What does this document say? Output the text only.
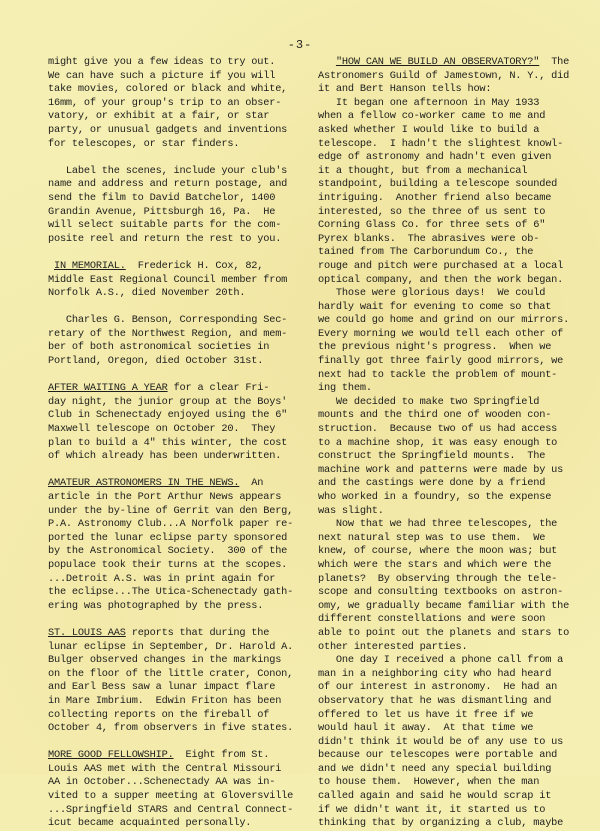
-3-
might give you a few ideas to try out.
We can have such a picture if you will
take movies, colored or black and white,
16mm, of your group's trip to an obser-
vatory, or exhibit at a fair, or star
party, or unusual gadgets and inventions
for telescopes, or star finders.
Label the scenes, include your club's
name and address and return postage, and
send the film to David Batchelor, 1400
Grandin Avenue, Pittsburgh 16, Pa.  He
will select suitable parts for the com-
posite reel and return the rest to you.
IN MEMORIAL.  Frederick H. Cox, 82,
Middle East Regional Council member from
Norfolk A.S., died November 20th.
Charles G. Benson, Corresponding Sec-
retary of the Northwest Region, and mem-
ber of both astronomical societies in
Portland, Oregon, died October 31st.
AFTER WAITING A YEAR for a clear Fri-
day night, the junior group at the Boys'
Club in Schenectady enjoyed using the 6"
Maxwell telescope on October 20.  They
plan to build a 4" this winter, the cost
of which already has been underwritten.
AMATEUR ASTRONOMERS IN THE NEWS.  An
article in the Port Arthur News appears
under the by-line of Gerrit van den Berg,
P.A. Astronomy Club...A Norfolk paper re-
ported the lunar eclipse party sponsored
by the Astronomical Society.  300 of the
populace took their turns at the scopes.
...Detroit A.S. was in print again for
the eclipse...The Utica-Schenectady gath-
ering was photographed by the press.
ST. LOUIS AAS reports that during the
lunar eclipse in September, Dr. Harold A.
Bulger observed changes in the markings
on the floor of the little crater, Conon,
and Earl Bess saw a lunar impact flare
in Mare Imbrium.  Edwin Friton has been
collecting reports on the fireball of
October 4, from observers in five states.
MORE GOOD FELLOWSHIP.  Eight from St.
Louis AAS met with the Central Missouri
AA in October...Schenectady AA was in-
vited to a supper meeting at Gloversville
...Springfield STARS and Central Connect-
icut became acquainted personally.
"HOW CAN WE BUILD AN OBSERVATORY?"  The
Astronomers Guild of Jamestown, N. Y., did
it and Bert Hanson tells how:
It began one afternoon in May 1933
when a fellow co-worker came to me and
asked whether I would like to build a
telescope.  I hadn't the slightest knowl-
edge of astronomy and hadn't even given
it a thought, but from a mechanical
standpoint, building a telescope sounded
intriguing.  Another friend also became
interested, so the three of us sent to
Corning Glass Co. for three sets of 6"
Pyrex blanks.  The abrasives were ob-
tained from The Carborundum Co., the
rouge and pitch were purchased at a local
optical company, and then the work began.
Those were glorious days!  We could
hardly wait for evening to come so that
we could go home and grind on our mirrors.
Every morning we would tell each other of
the previous night's progress.  When we
finally got three fairly good mirrors, we
next had to tackle the problem of mount-
ing them.
We decided to make two Springfield
mounts and the third one of wooden con-
struction.  Because two of us had access
to a machine shop, it was easy enough to
construct the Springfield mounts.  The
machine work and patterns were made by us
and the castings were done by a friend
who worked in a foundry, so the expense
was slight.
Now that we had three telescopes, the
next natural step was to use them.  We
knew, of course, where the moon was; but
which were the stars and which were the
planets?  By observing through the tele-
scope and consulting textbooks on astron-
omy, we gradually became familiar with the
different constellations and were soon
able to point out the planets and stars to
other interested parties.
One day I received a phone call from a
man in a neighboring city who had heard
of our interest in astronomy.  He had an
observatory that he was dismantling and
offered to let us have it free if we
would haul it away.  At that time we
didn't think it would be of any use to us
because our telescopes were portable and
and we didn't need any special building
to house them.  However, when the man
called again and said he would scrap it
if we didn't want it, it started us to
thinking that by organizing a club, maybe
